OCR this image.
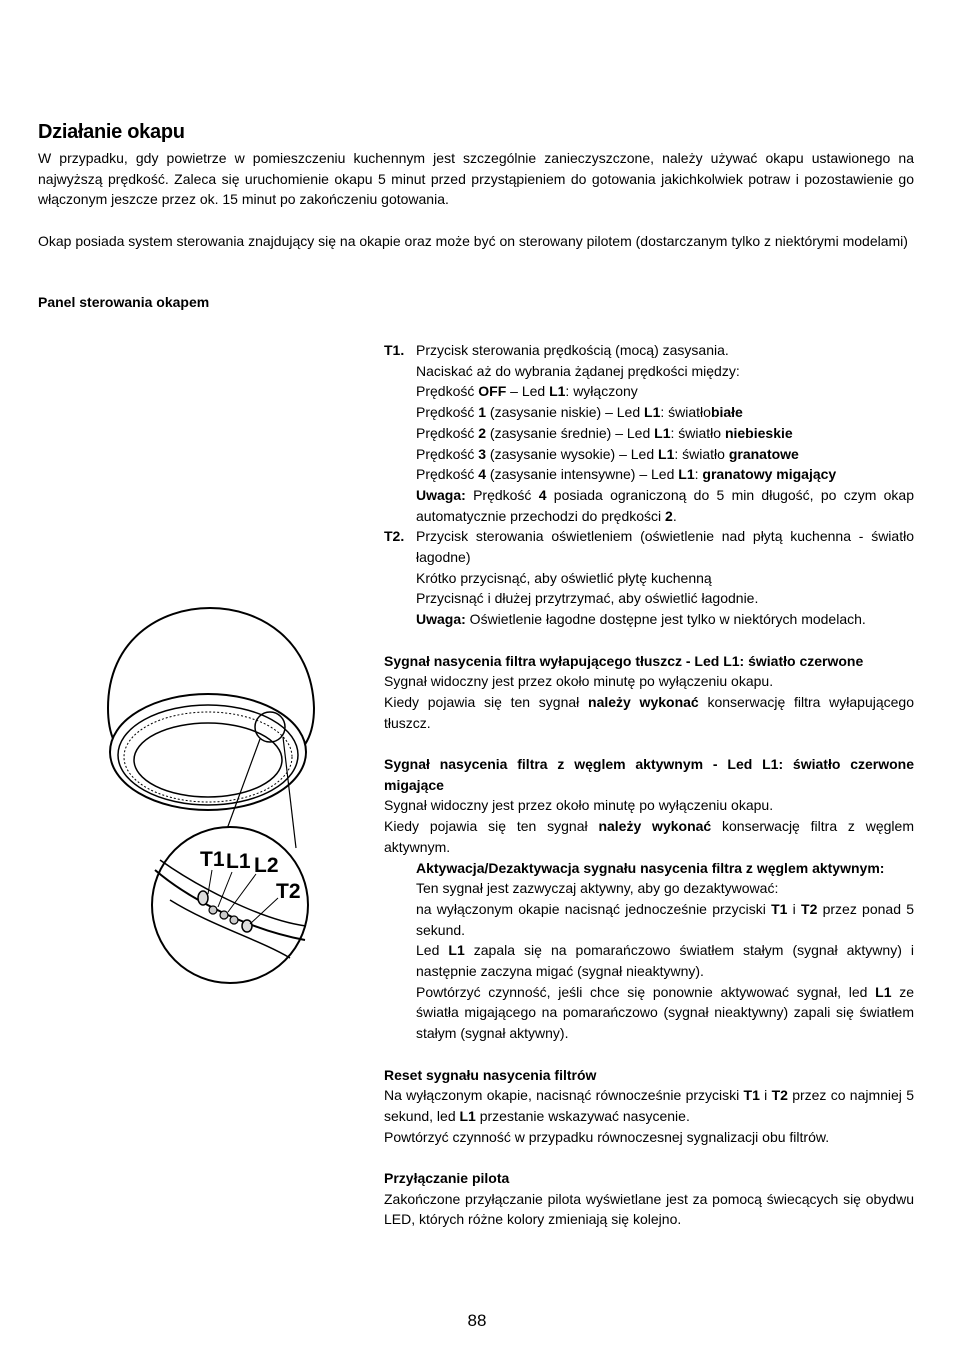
Działanie okapu
W przypadku, gdy powietrze w pomieszczeniu kuchennym jest szczególnie zanieczyszczone, należy używać okapu ustawionego na najwyższą prędkość. Zaleca się uruchomienie okapu 5 minut przed przystąpieniem do gotowania jakichkolwiek potraw i pozostawienie go włączonym jeszcze przez ok. 15 minut po zakończeniu gotowania.
Okap posiada system sterowania znajdujący się na okapie oraz może być on sterowany pilotem (dostarczanym tylko z niektórymi modelami)
Panel sterowania okapem
T1 L1 L2
T2
T1. Przycisk sterowania prędkością (mocą) zasysania.
Naciskać aż do wybrania żądanej prędkości między:
Prędkość OFF – Led L1: wyłączony
Prędkość 1 (zasysanie niskie) – Led L1: światłobiałe
Prędkość 2 (zasysanie średnie) – Led L1: światło niebieskie
Prędkość 3 (zasysanie wysokie) – Led L1: światło granatowe
Prędkość 4 (zasysanie intensywne) – Led L1: granatowy migający
Uwaga: Prędkość 4 posiada ograniczoną do 5 min długość, po czym okap automatycznie przechodzi do prędkości 2.
T2. Przycisk sterowania oświetleniem (oświetlenie nad płytą kuchenna - światło łagodne)
Krótko przycisnąć, aby oświetlić płytę kuchenną
Przycisnąć i dłużej przytrzymać, aby oświetlić łagodnie.
Uwaga: Oświetlenie łagodne dostępne jest tylko w niektórych modelach.
Sygnał nasycenia filtra wyłapującego tłuszcz - Led L1: światło czerwone
Sygnał widoczny jest przez około minutę po wyłączeniu okapu.
Kiedy pojawia się ten sygnał należy wykonać konserwację filtra wyłapującego tłuszcz.
Sygnał nasycenia filtra z węglem aktywnym - Led L1: światło czerwone migające
Sygnał widoczny jest przez około minutę po wyłączeniu okapu.
Kiedy pojawia się ten sygnał należy wykonać konserwację filtra z węglem aktywnym.
Aktywacja/Dezaktywacja sygnału nasycenia filtra z węglem aktywnym:
Ten sygnał jest zazwyczaj aktywny, aby go dezaktywować:
na wyłączonym okapie nacisnąć jednocześnie przyciski T1 i T2 przez ponad 5 sekund.
Led L1 zapala się na pomarańczowo światłem stałym (sygnał aktywny) i następnie zaczyna migać (sygnał nieaktywny).
Powtórzyć czynność, jeśli chce się ponownie aktywować sygnał, led L1 ze światła migającego na pomarańczowo (sygnał nieaktywny) zapali się światłem stałym (sygnał aktywny).
Reset sygnału nasycenia filtrów
Na wyłączonym okapie, nacisnąć równocześnie przyciski T1 i T2 przez co najmniej 5 sekund, led L1 przestanie wskazywać nasycenie.
Powtórzyć czynność w przypadku równoczesnej sygnalizacji obu filtrów.
Przyłączanie pilota
Zakończone przyłączanie pilota wyświetlane jest za pomocą świecących się obydwu LED, których różne kolory zmieniają się kolejno.
88
